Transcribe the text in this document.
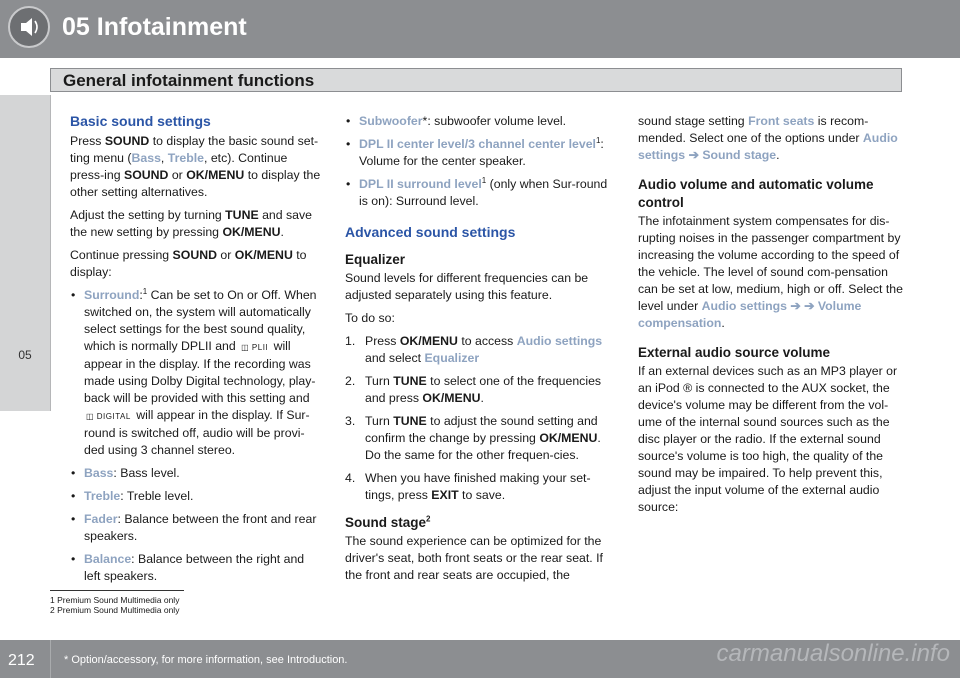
05 Infotainment
General infotainment functions
05
Basic sound settings

Press SOUND to display the basic sound set-ting menu (Bass, Treble, etc). Continue press-ing SOUND or OK/MENU to display the other setting alternatives.

Adjust the setting by turning TUNE and save the new setting by pressing OK/MENU.

Continue pressing SOUND or OK/MENU to display:

• Surround:$^1$ Can be set to On or Off. When switched on, the system will automatically select settings for the best sound quality, which is normally DPLII and ◫ PLII will appear in the display. If the recording was made using Dolby Digital technology, play-back will be provided with this setting and ◫ DIGITAL will appear in the display. If Sur-round is switched off, audio will be provi-ded using 3 channel stereo.
• Bass: Bass level.
• Treble: Treble level.
• Fader: Balance between the front and rear speakers.
• Balance: Balance between the right and left speakers.
• Subwoofer*: subwoofer volume level.
• DPL II center level/3 channel center level$^1$: Volume for the center speaker.
• DPL II surround level$^1$ (only when Sur-round is on): Surround level.
Advanced sound settings
Equalizer

Sound levels for different frequencies can be adjusted separately using this feature.

To do so:

1. Press OK/MENU to access Audio settings and select Equalizer
2. Turn TUNE to select one of the frequencies and press OK/MENU.
3. Turn TUNE to adjust the sound setting and confirm the change by pressing OK/MENU. Do the same for the other frequen-cies.
4. When you have finished making your set-tings, press EXIT to save.
Sound stage$^2$

The sound experience can be optimized for the driver's seat, both front seats or the rear seat. If the front and rear seats are occupied, the

sound stage setting Front seats is recom-mended. Select one of the options under Audio settings ➔ Sound stage.

Audio volume and automatic volume control

The infotainment system compensates for dis-rupting noises in the passenger compartment by increasing the volume according to the speed of the vehicle. The level of sound com-pensation can be set at low, medium, high or off. Select the level under Audio settings ➔ ➔ Volume compensation.

External audio source volume

If an external devices such as an MP3 player or an iPod ® is connected to the AUX socket, the device's volume may be different from the vol-ume of the internal sound sources such as the disc player or the radio. If the external sound source's volume is too high, the quality of the sound may be impaired. To help prevent this, adjust the input volume of the external audio source:

1 Premium Sound Multimedia only
2 Premium Sound Multimedia only
212	* Option/accessory, for more information, see Introduction.	carmanualsonline.info
